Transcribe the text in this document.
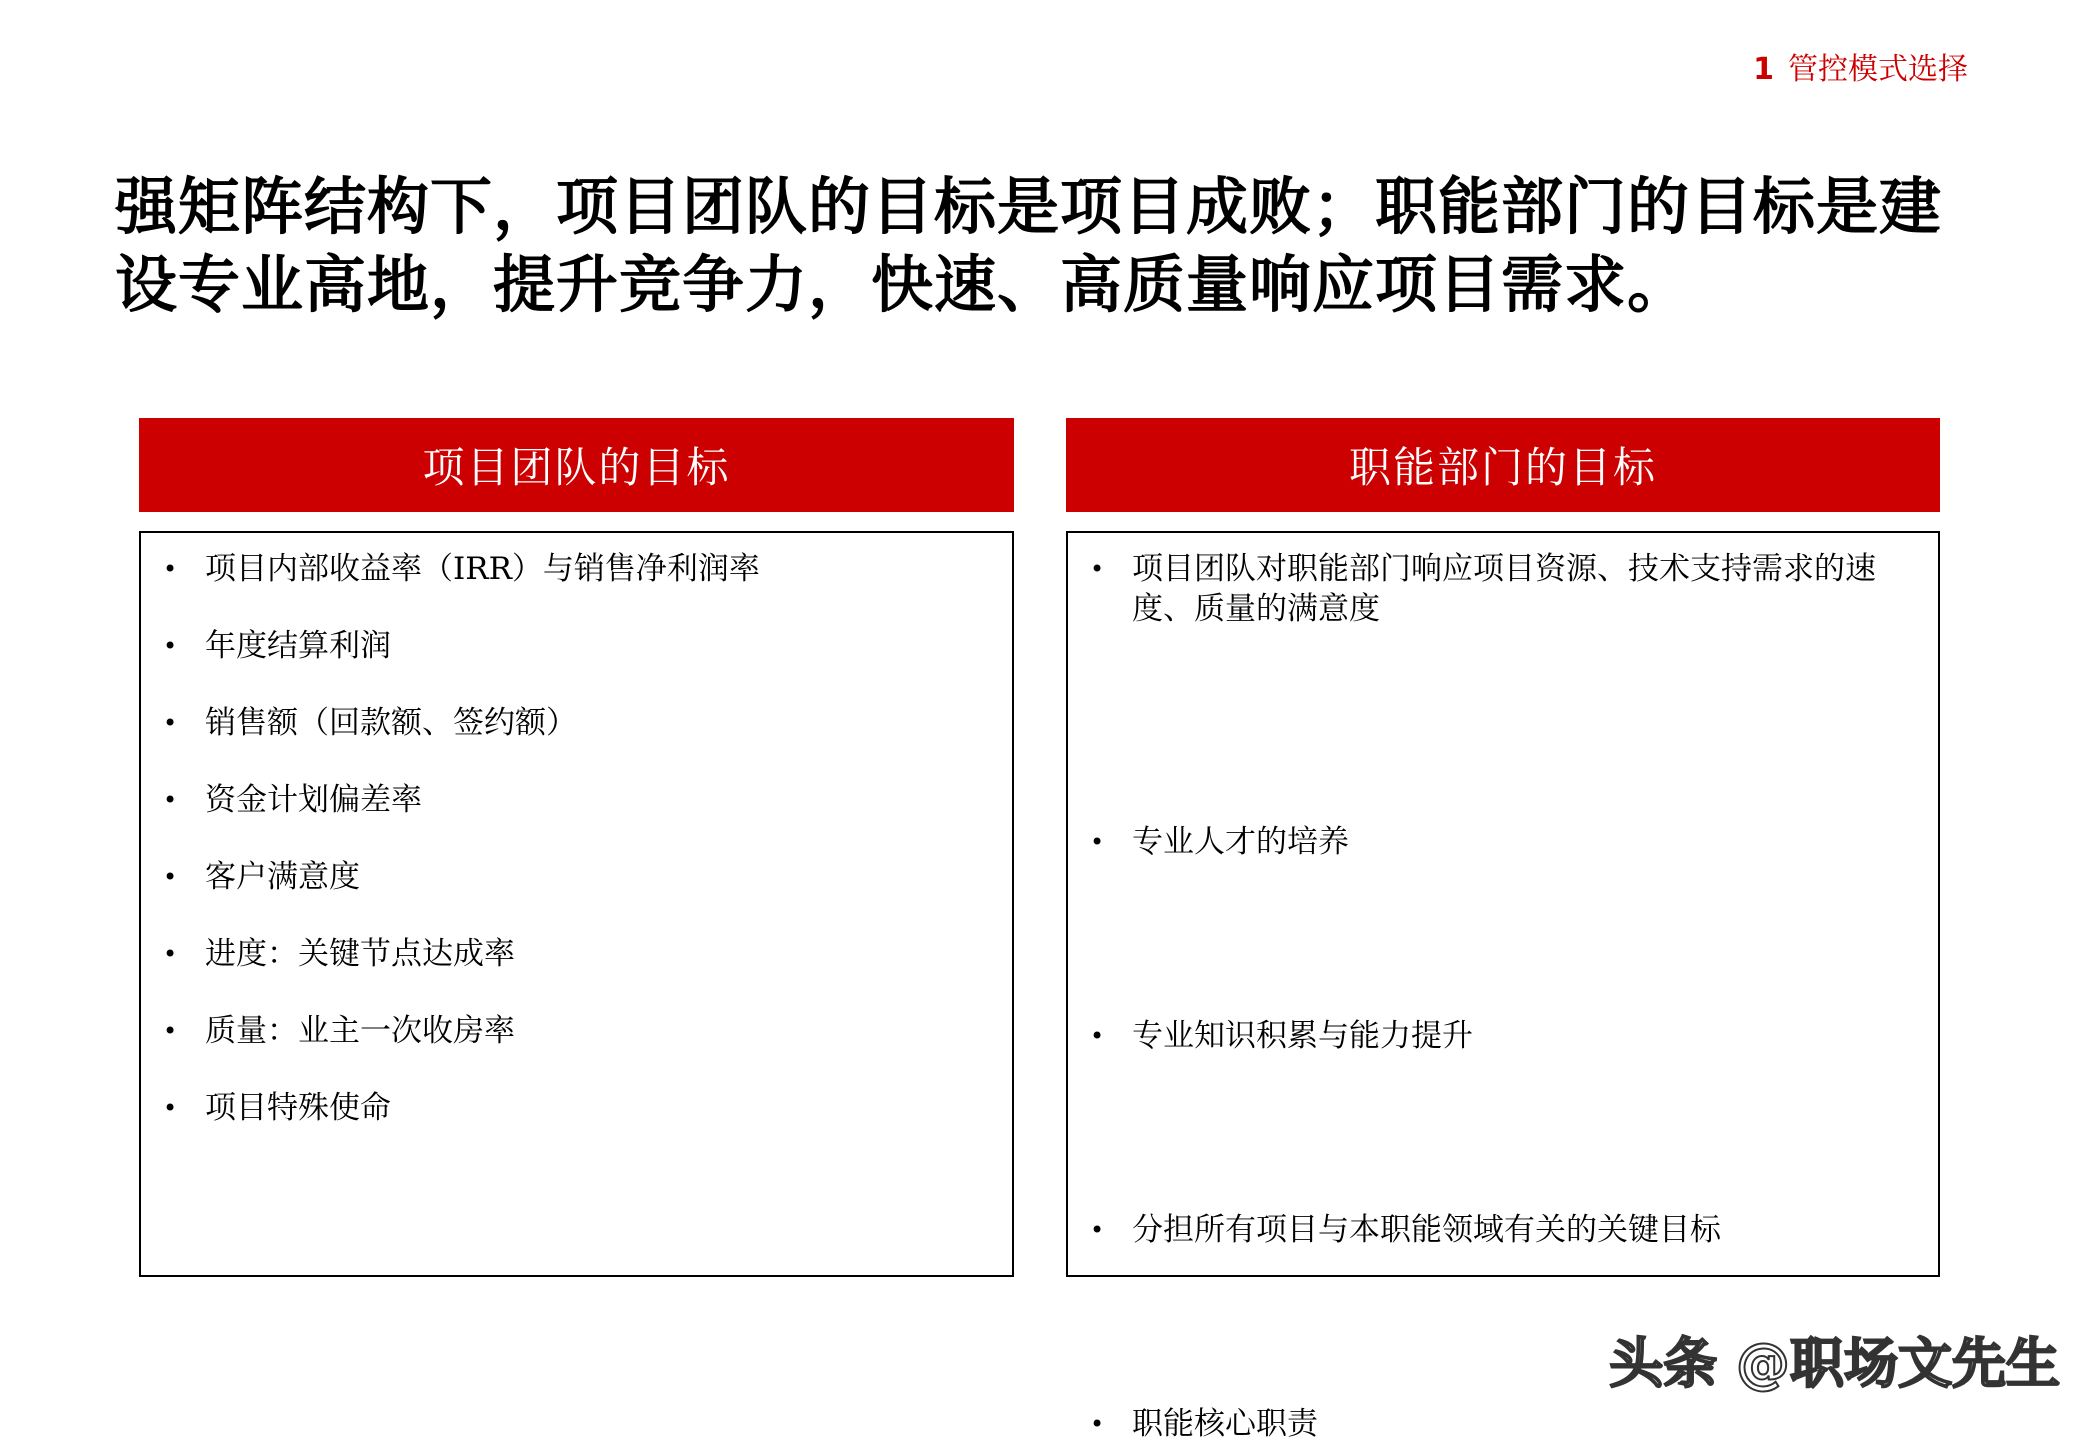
1 管控模式选择
强矩阵结构下，项目团队的目标是项目成败；职能部门的目标是建设专业高地，提升竞争力，快速、高质量响应项目需求。
项目团队的目标
• 项目内部收益率（IRR）与销售净利润率
• 年度结算利润
• 销售额（回款额、签约额）
• 资金计划偏差率
• 客户满意度
• 进度：关键节点达成率
• 质量：业主一次收房率
• 项目特殊使命
职能部门的目标
• 项目团队对职能部门响应项目资源、技术支持需求的速度、质量的满意度
• 专业人才的培养
• 专业知识积累与能力提升
• 分担所有项目与本职能领域有关的关键目标
• 职能核心职责
头条 @职场文先生
